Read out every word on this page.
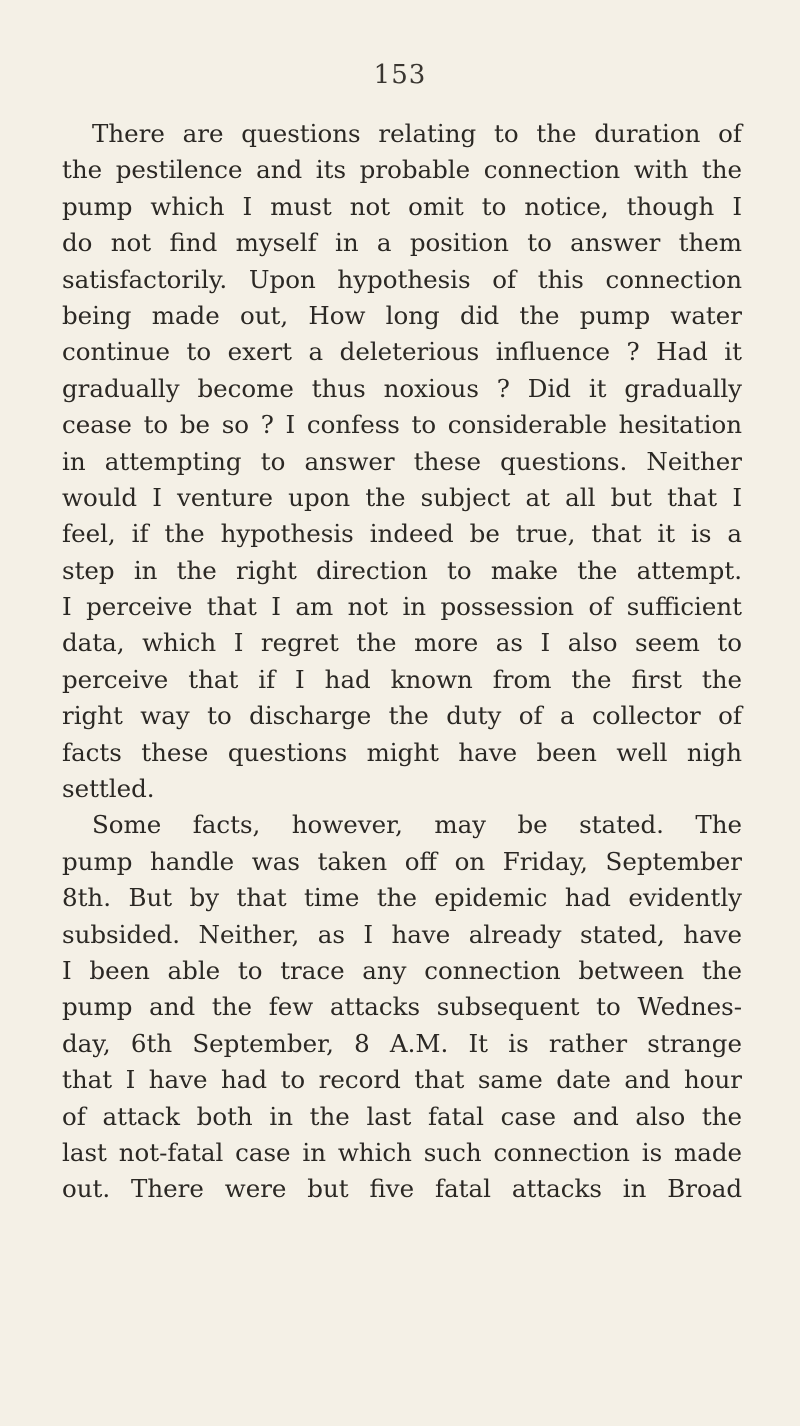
153
There are questions relating to the duration of
the pestilence and its probable connection with the
pump which I must not omit to notice, though I
do not find myself in a position to answer them
satisfactorily. Upon hypothesis of this connection
being made out, How long did the pump water
continue to exert a deleterious influence ? Had it
gradually become thus noxious ? Did it gradually
cease to be so ? I confess to considerable hesitation
in attempting to answer these questions. Neither
would I venture upon the subject at all but that I
feel, if the hypothesis indeed be true, that it is a
step in the right direction to make the attempt.
I perceive that I am not in possession of sufficient
data, which I regret the more as I also seem to
perceive that if I had known from the first the
right way to discharge the duty of a collector of
facts these questions might have been well nigh
settled.
Some facts, however, may be stated. The
pump handle was taken off on Friday, September
8th. But by that time the epidemic had evidently
subsided. Neither, as I have already stated, have
I been able to trace any connection between the
pump and the few attacks subsequent to Wednes-
day, 6th September, 8 A.M. It is rather strange
that I have had to record that same date and hour
of attack both in the last fatal case and also the
last not-fatal case in which such connection is made
out. There were but five fatal attacks in Broad
